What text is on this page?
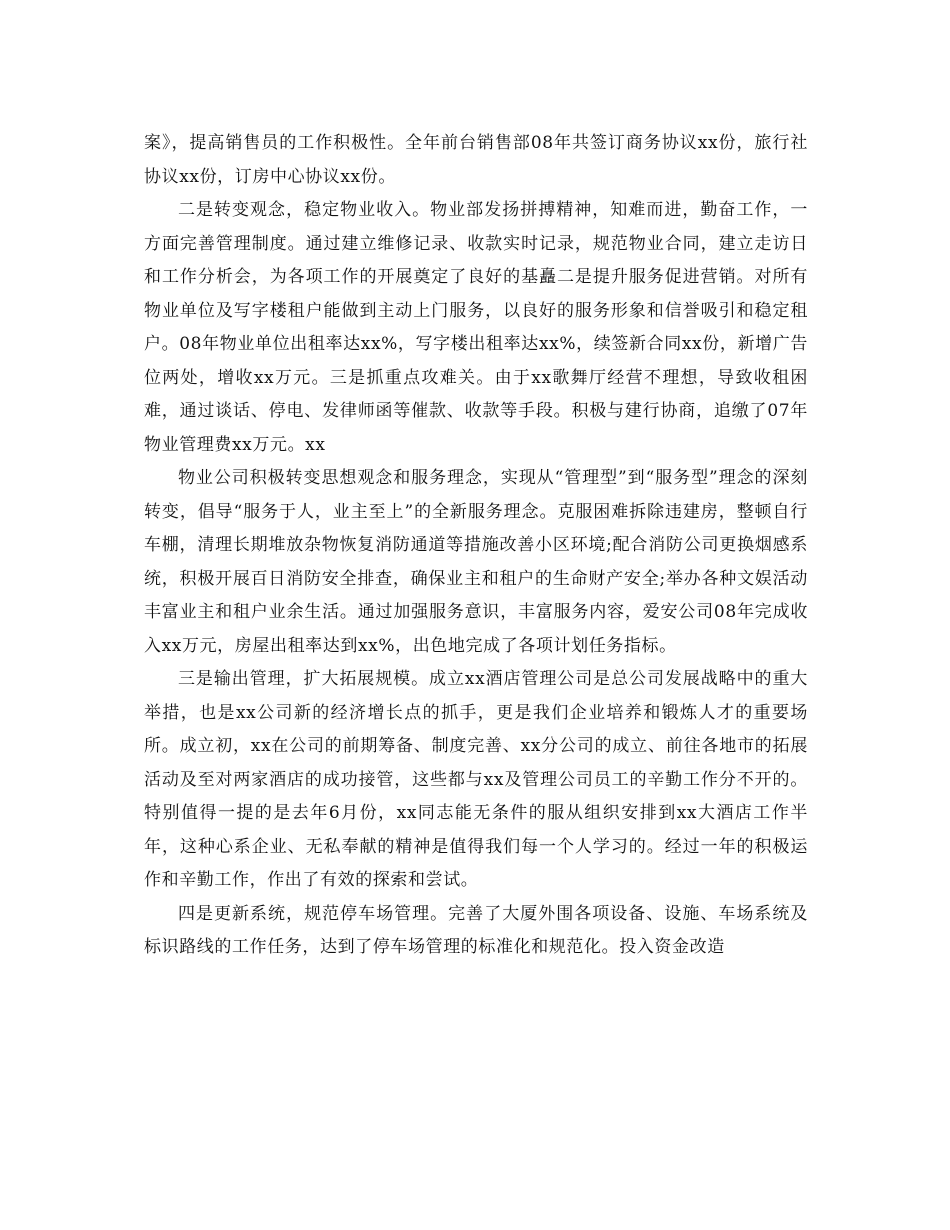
案》，提高销售员的工作积极性。全年前台销售部08年共签订商务协议xx份，旅行社协议xx份，订房中心协议xx份。

二是转变观念，稳定物业收入。物业部发扬拼搏精神，知难而进，勤奋工作，一方面完善管理制度。通过建立维修记录、收款实时记录，规范物业合同，建立走访日和工作分析会，为各项工作的开展奠定了良好的基矗二是提升服务促进营销。对所有物业单位及写字楼租户能做到主动上门服务，以良好的服务形象和信誉吸引和稳定租户。08年物业单位出租率达xx%，写字楼出租率达xx%，续签新合同xx份，新增广告位两处，增收xx万元。三是抓重点攻难关。由于xx歌舞厅经营不理想，导致收租困难，通过谈话、停电、发律师函等催款、收款等手段。积极与建行协商，追缴了07年物业管理费xx万元。xx

物业公司积极转变思想观念和服务理念，实现从“管理型”到“服务型”理念的深刻转变，倡导“服务于人，业主至上”的全新服务理念。克服困难拆除违建房，整顿自行车棚，清理长期堆放杂物恢复消防通道等措施改善小区环境;配合消防公司更换烟感系统，积极开展百日消防安全排查，确保业主和租户的生命财产安全;举办各种文娱活动丰富业主和租户业余生活。通过加强服务意识，丰富服务内容，爱安公司08年完成收入xx万元，房屋出租率达到xx%，出色地完成了各项计划任务指标。

三是输出管理，扩大拓展规模。成立xx酒店管理公司是总公司发展战略中的重大举措，也是xx公司新的经济增长点的抓手，更是我们企业培养和锻炼人才的重要场所。成立初，xx在公司的前期筹备、制度完善、xx分公司的成立、前往各地市的拓展活动及至对两家酒店的成功接管，这些都与xx及管理公司员工的辛勤工作分不开的。特别值得一提的是去年6月份，xx同志能无条件的服从组织安排到xx大酒店工作半年，这种心系企业、无私奉献的精神是值得我们每一个人学习的。经过一年的积极运作和辛勤工作，作出了有效的探索和尝试。

四是更新系统，规范停车场管理。完善了大厦外围各项设备、设施、车场系统及标识路线的工作任务，达到了停车场管理的标准化和规范化。投入资金改造
